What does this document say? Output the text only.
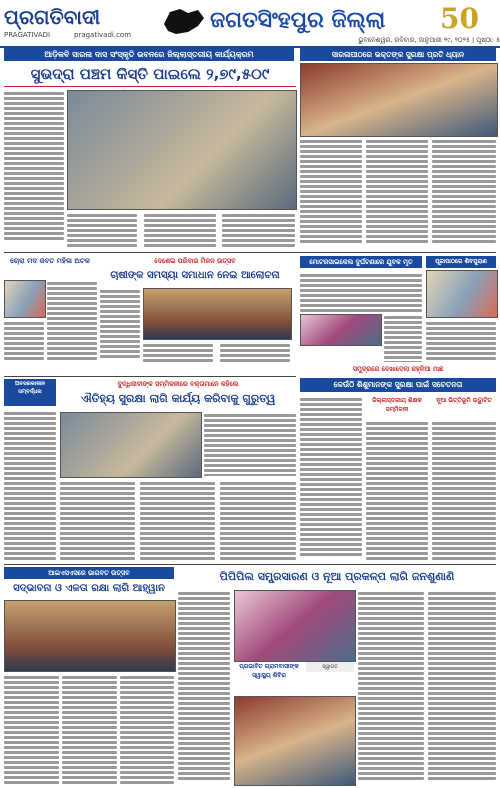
ପ୍ରଗତିବାଦୀ
PRAGATIVADI	pragativadi.com
ଜଗତସିଂହପୁର ଜିଲ୍ଲା	50
ଭୁବନେଶ୍ୱର, ରବିବାର, ଜାନୁଆରୀ ୧୯, ୨୦୨୫ | ପୃଷ୍ଠା: ୫
ଆଡ଼ିକବି ସାରଳା ଦାସ ସଂସ୍କୃତି ଭବନରେ ଜିଲ୍ଲାସ୍ତରୀୟ କାର୍ଯ୍ୟକ୍ରମ
ସୁଭଦ୍ରା ପଞ୍ଚମ କିସ୍ତି ପାଇଲେ ୨,୭୯,୫୦୯
ସାରଳାପୀଠରେ ଭକ୍ତଙ୍କ ସୁରକ୍ଷା ପ୍ରତି ଧ୍ୟାନ
ଚୋରା ମଦ ଜବତ ମହିଳା ଅଟକ	ଦେଶେଇ ପରିବାର ମିଳନ ଉତ୍ସବ
ଚାଷୀଙ୍କ ସମସ୍ୟା ସମାଧାନ ନେଇ ଆଲୋଚନା
ମୋଟରସାଇକେଲ ଦୁର୍ଘଟଣାରେ ଯୁବକ ମୃତ	ପୂଜାପାଠରେ ଶିବପୁରାଣ
ସମୁଦ୍ରରେ ଦେଖାଦେଲା ଜହ୍ନିଆ ମାଛ
ବୁଦ୍ଧିଜୀବୀଙ୍କ ସମ୍ମିଳନୀରେ ବକ୍ତାମାନେ କହିଲେ
ଐତିହ୍ୟ ସୁରକ୍ଷା ଲାଗି କାର୍ଯ୍ୟ କରିବାକୁ ଗୁରୁତ୍ୱ
ଅବସରକାଳୀନ ସମ୍ବର୍ଦ୍ଧନା
କେଉଁଠି ଶିଶୁମାନଙ୍କ ସୁରକ୍ଷା ପାଇଁ ସଚେତନତା
ଜିଲ୍ଲାସ୍ତରୀୟ ଶିକ୍ଷକ ସମ୍ମିଳନୀ
ନୂଆ ଭିତ୍ତିଭୂମି ଉଦ୍ଘାଟିତ
ଆଇଏସଏସରେ ଭାଗବତ ଉତ୍ସବ
ସଦ୍ଭାବନା ଓ ଏକତା ରକ୍ଷା ଲାଗି ଆହ୍ୱାନ
ପିପିପିଲ ସମ୍ପ୍ରସାରଣ ଓ ନୂଆ ପ୍ରକଳ୍ପ ଲାଗି ଜନଶୁଣାଣି
ପ୍ରଭାବିତ ଗ୍ରାମବାସୀଙ୍କ ସ୍ୱାସ୍ଥ୍ୟ ଶିବିର
ସ୍ୱାଗତ
